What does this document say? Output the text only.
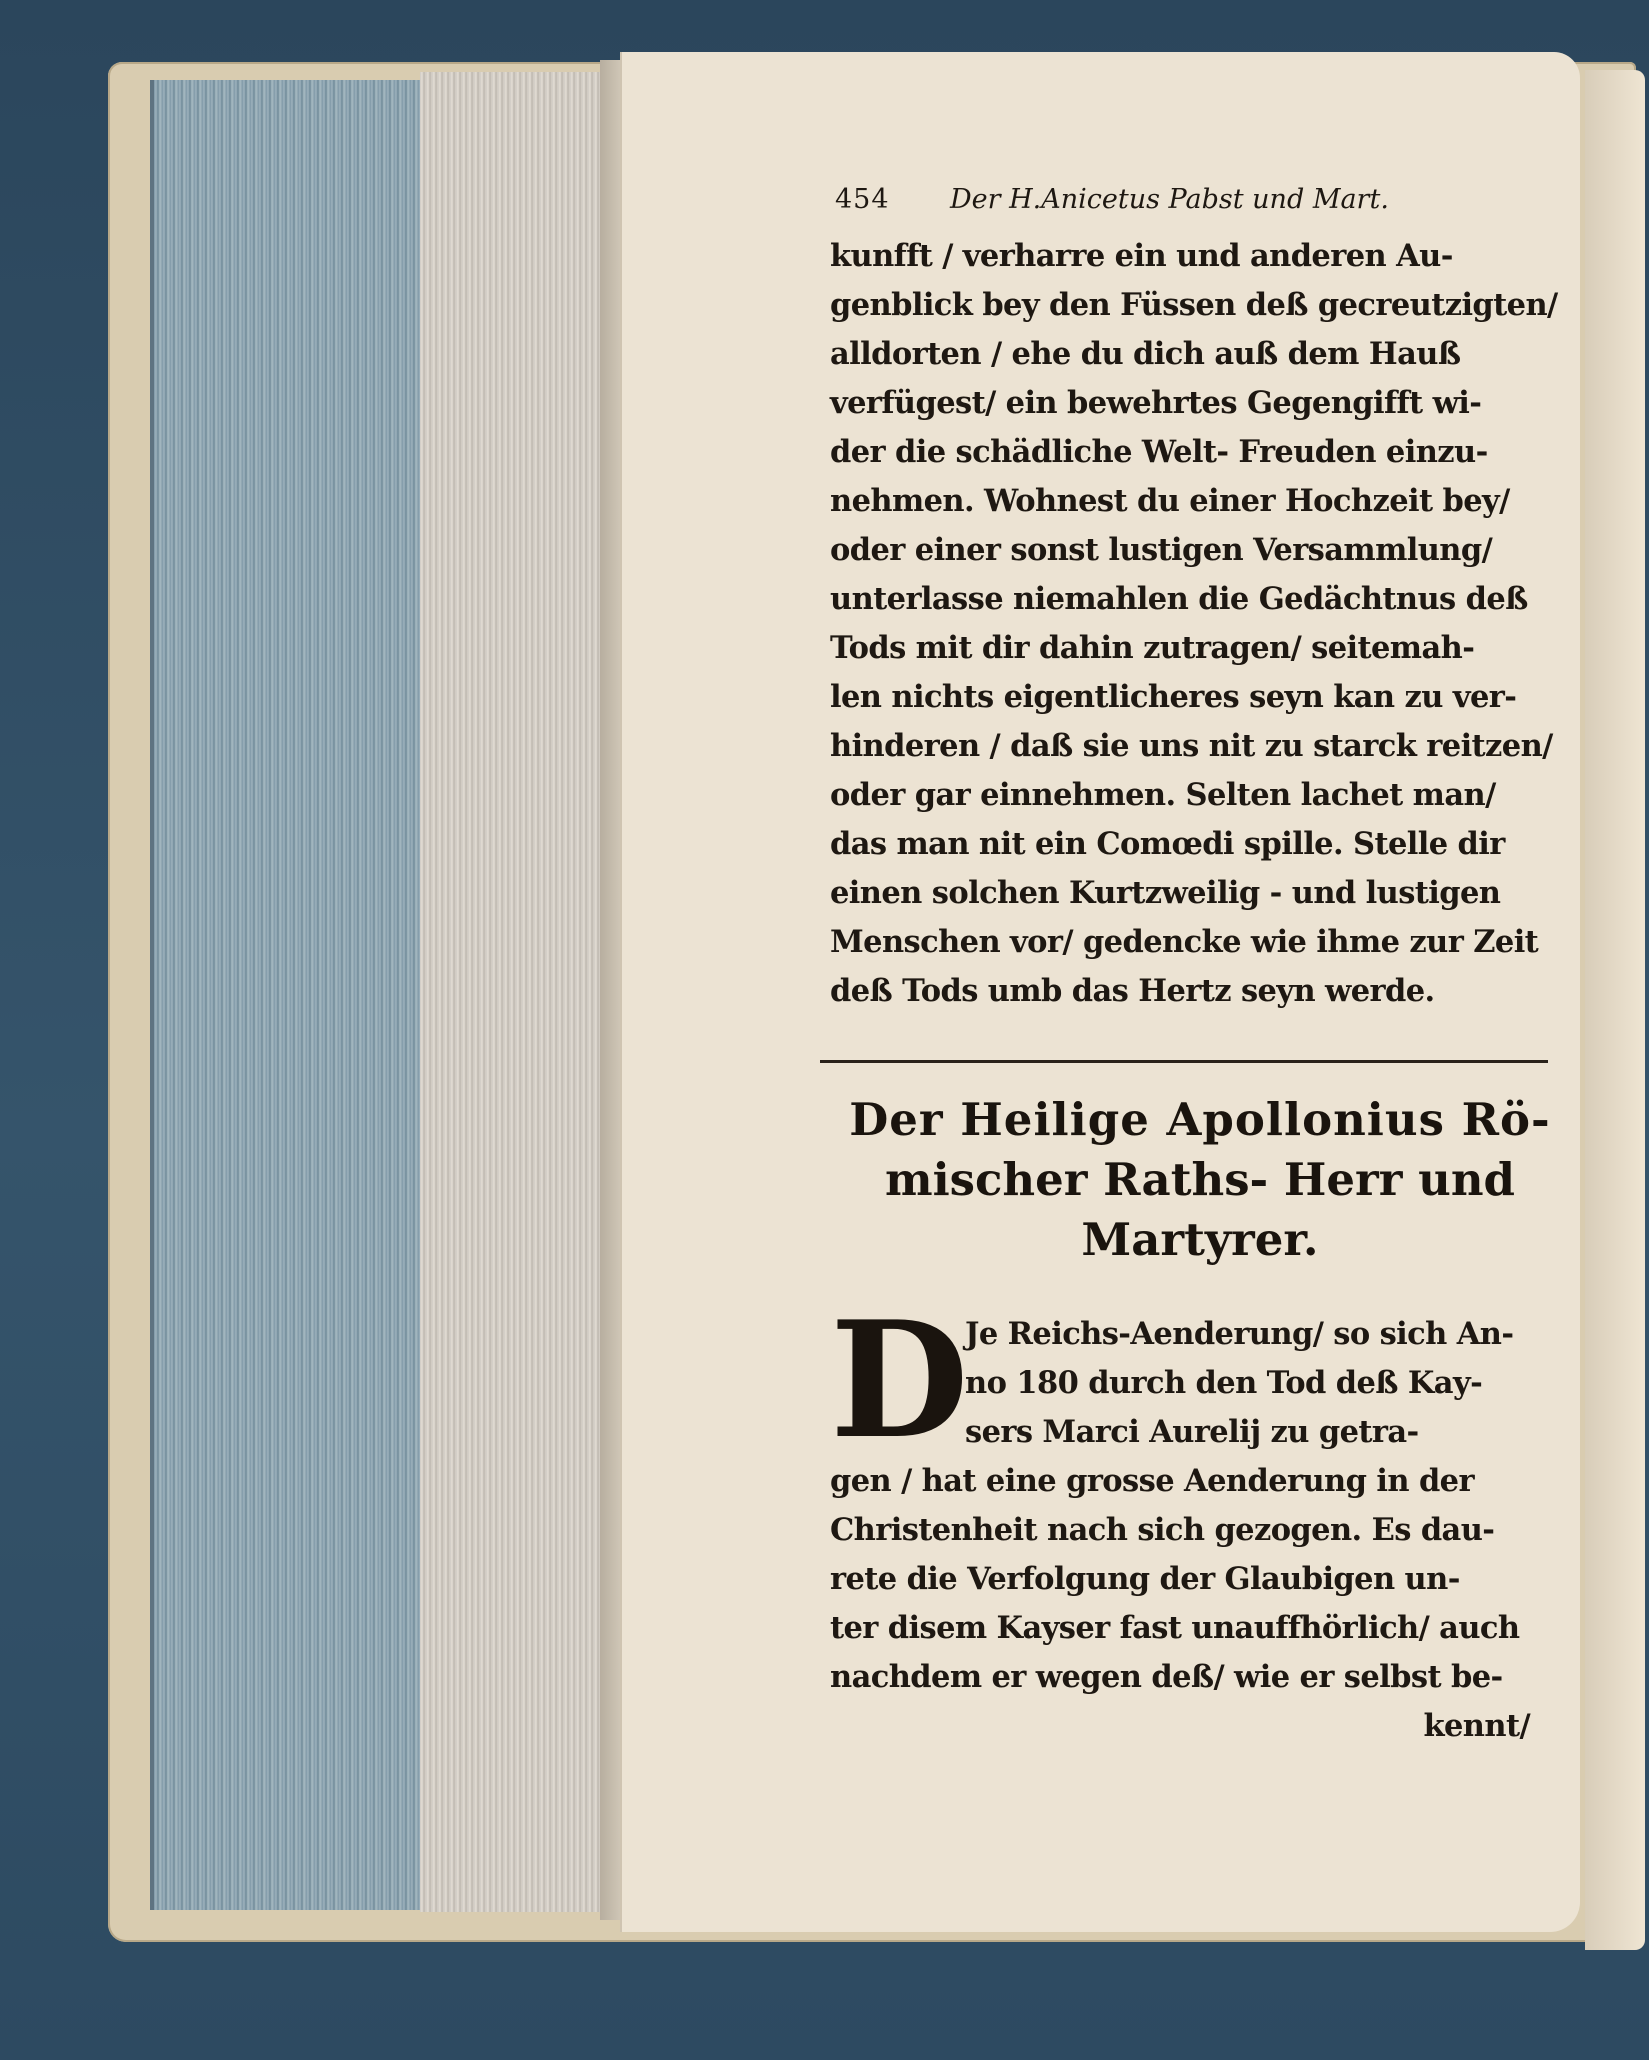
454 Der H.Anicetus Pabst und Mart.

kunfft / verharre ein und anderen Au-

genblick bey den Füssen deß gecreutzigten/

alldorten / ehe du dich auß dem Hauß

verfügest/ ein bewehrtes Gegengifft wi-

der die schädliche Welt- Freuden einzu-

nehmen. Wohnest du einer Hochzeit bey/

oder einer sonst lustigen Versammlung/

unterlasse niemahlen die Gedächtnus deß

Tods mit dir dahin zutragen/ seitemah-

len nichts eigentlicheres seyn kan zu ver-

hinderen / daß sie uns nit zu starck reitzen/

oder gar einnehmen. Selten lachet man/

das man nit ein Comœdi spille. Stelle dir

einen solchen Kurtzweilig - und lustigen

Menschen vor/ gedencke wie ihme zur Zeit

deß Tods umb das Hertz seyn werde.

Der Heilige Apollonius Rö-

mischer Raths- Herr und

Martyrer.

D

Je Reichs-Aenderung/ so sich An-

no 180 durch den Tod deß Kay-

sers Marci Aurelij zu getra-

gen / hat eine grosse Aenderung in der

Christenheit nach sich gezogen. Es dau-

rete die Verfolgung der Glaubigen un-

ter disem Kayser fast unauffhörlich/ auch

nachdem er wegen deß/ wie er selbst be-

kennt/
